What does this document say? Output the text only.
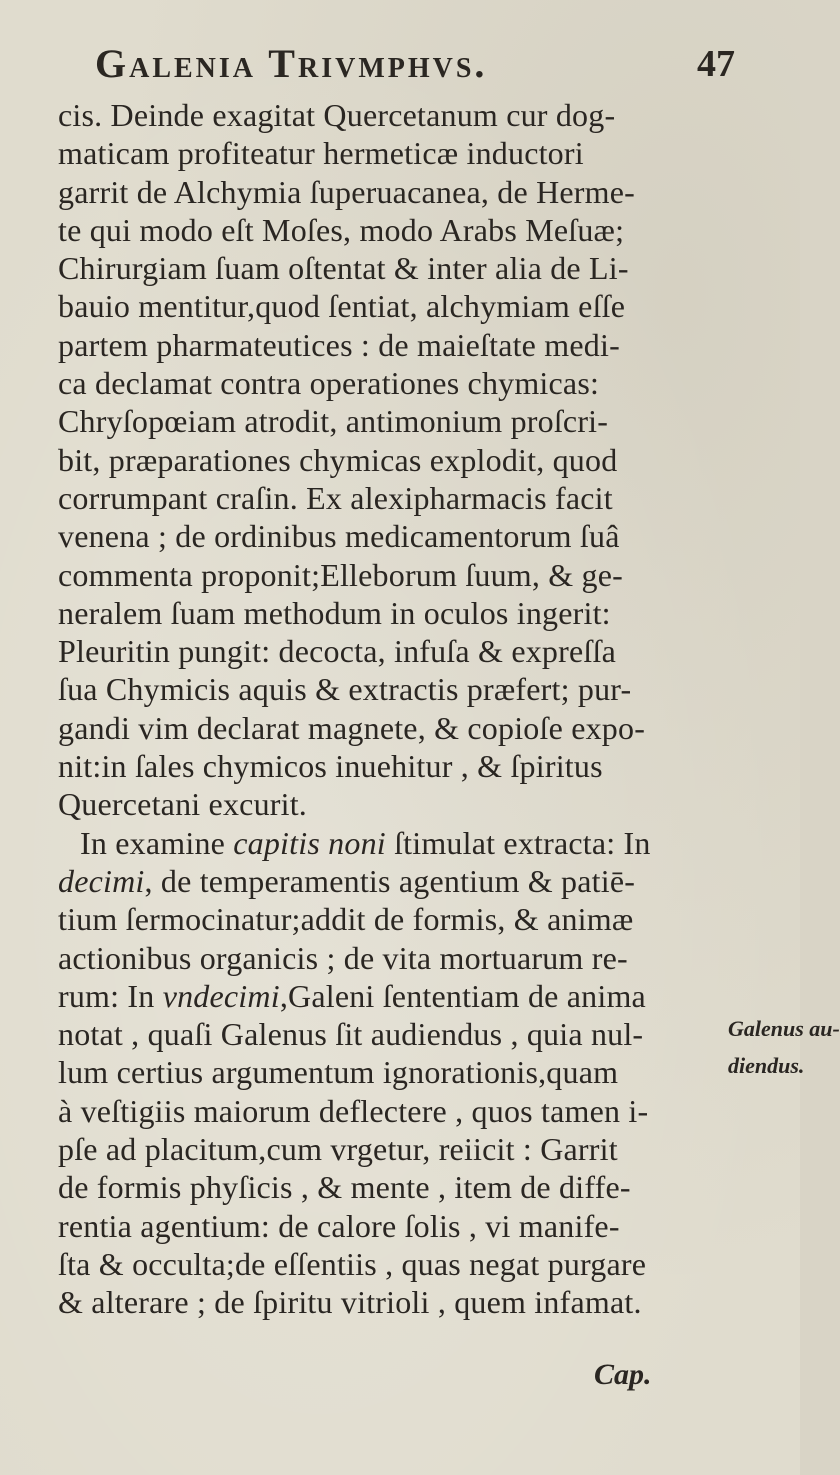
Galenia Trivmphvs.	47
cis. Deinde exagitat Quercetanum cur dog-
maticam profiteatur hermeticæ inductori
garrit de Alchymia ſuperuacanea, de Herme-
te qui modo eſt Moſes, modo Arabs Meſuæ;
Chirurgiam ſuam oſtentat & inter alia de Li-
bauio mentitur,quod ſentiat, alchymiam eſſe
partem pharmateutices : de maieſtate medi-
ca declamat contra operationes chymicas:
Chryſopœiam atrodit, antimonium proſcri-
bit, præparationes chymicas explodit, quod
corrumpant craſin. Ex alexipharmacis facit
venena ; de ordinibus medicamentorum ſuâ
commenta proponit;Elleborum ſuum, & ge-
neralem ſuam methodum in oculos ingerit:
Pleuritin pungit: decocta, infuſa & expreſſa
ſua Chymicis aquis & extractis præfert; pur-
gandi vim declarat magnete, & copioſe expo-
nit:in ſales chymicos inuehitur , & ſpiritus
Quercetani excurit.
In examine capitis noni ſtimulat extracta: In
decimi, de temperamentis agentium & patiē-
tium ſermocinatur;addit de formis, & animæ
actionibus organicis ; de vita mortuarum re-
rum: In vndecimi,Galeni ſententiam de anima
notat , quaſi Galenus ſit audiendus , quia nul-
lum certius argumentum ignorationis,quam
à veſtigiis maiorum deflectere , quos tamen i-
pſe ad placitum,cum vrgetur, reiicit : Garrit
de formis phyſicis , & mente , item de diffe-
rentia agentium: de calore ſolis , vi manife-
ſta & occulta;de eſſentiis , quas negat purgare
& alterare ; de ſpiritu vitrioli , quem infamat.
Galenus au-
diendus.
Cap.
